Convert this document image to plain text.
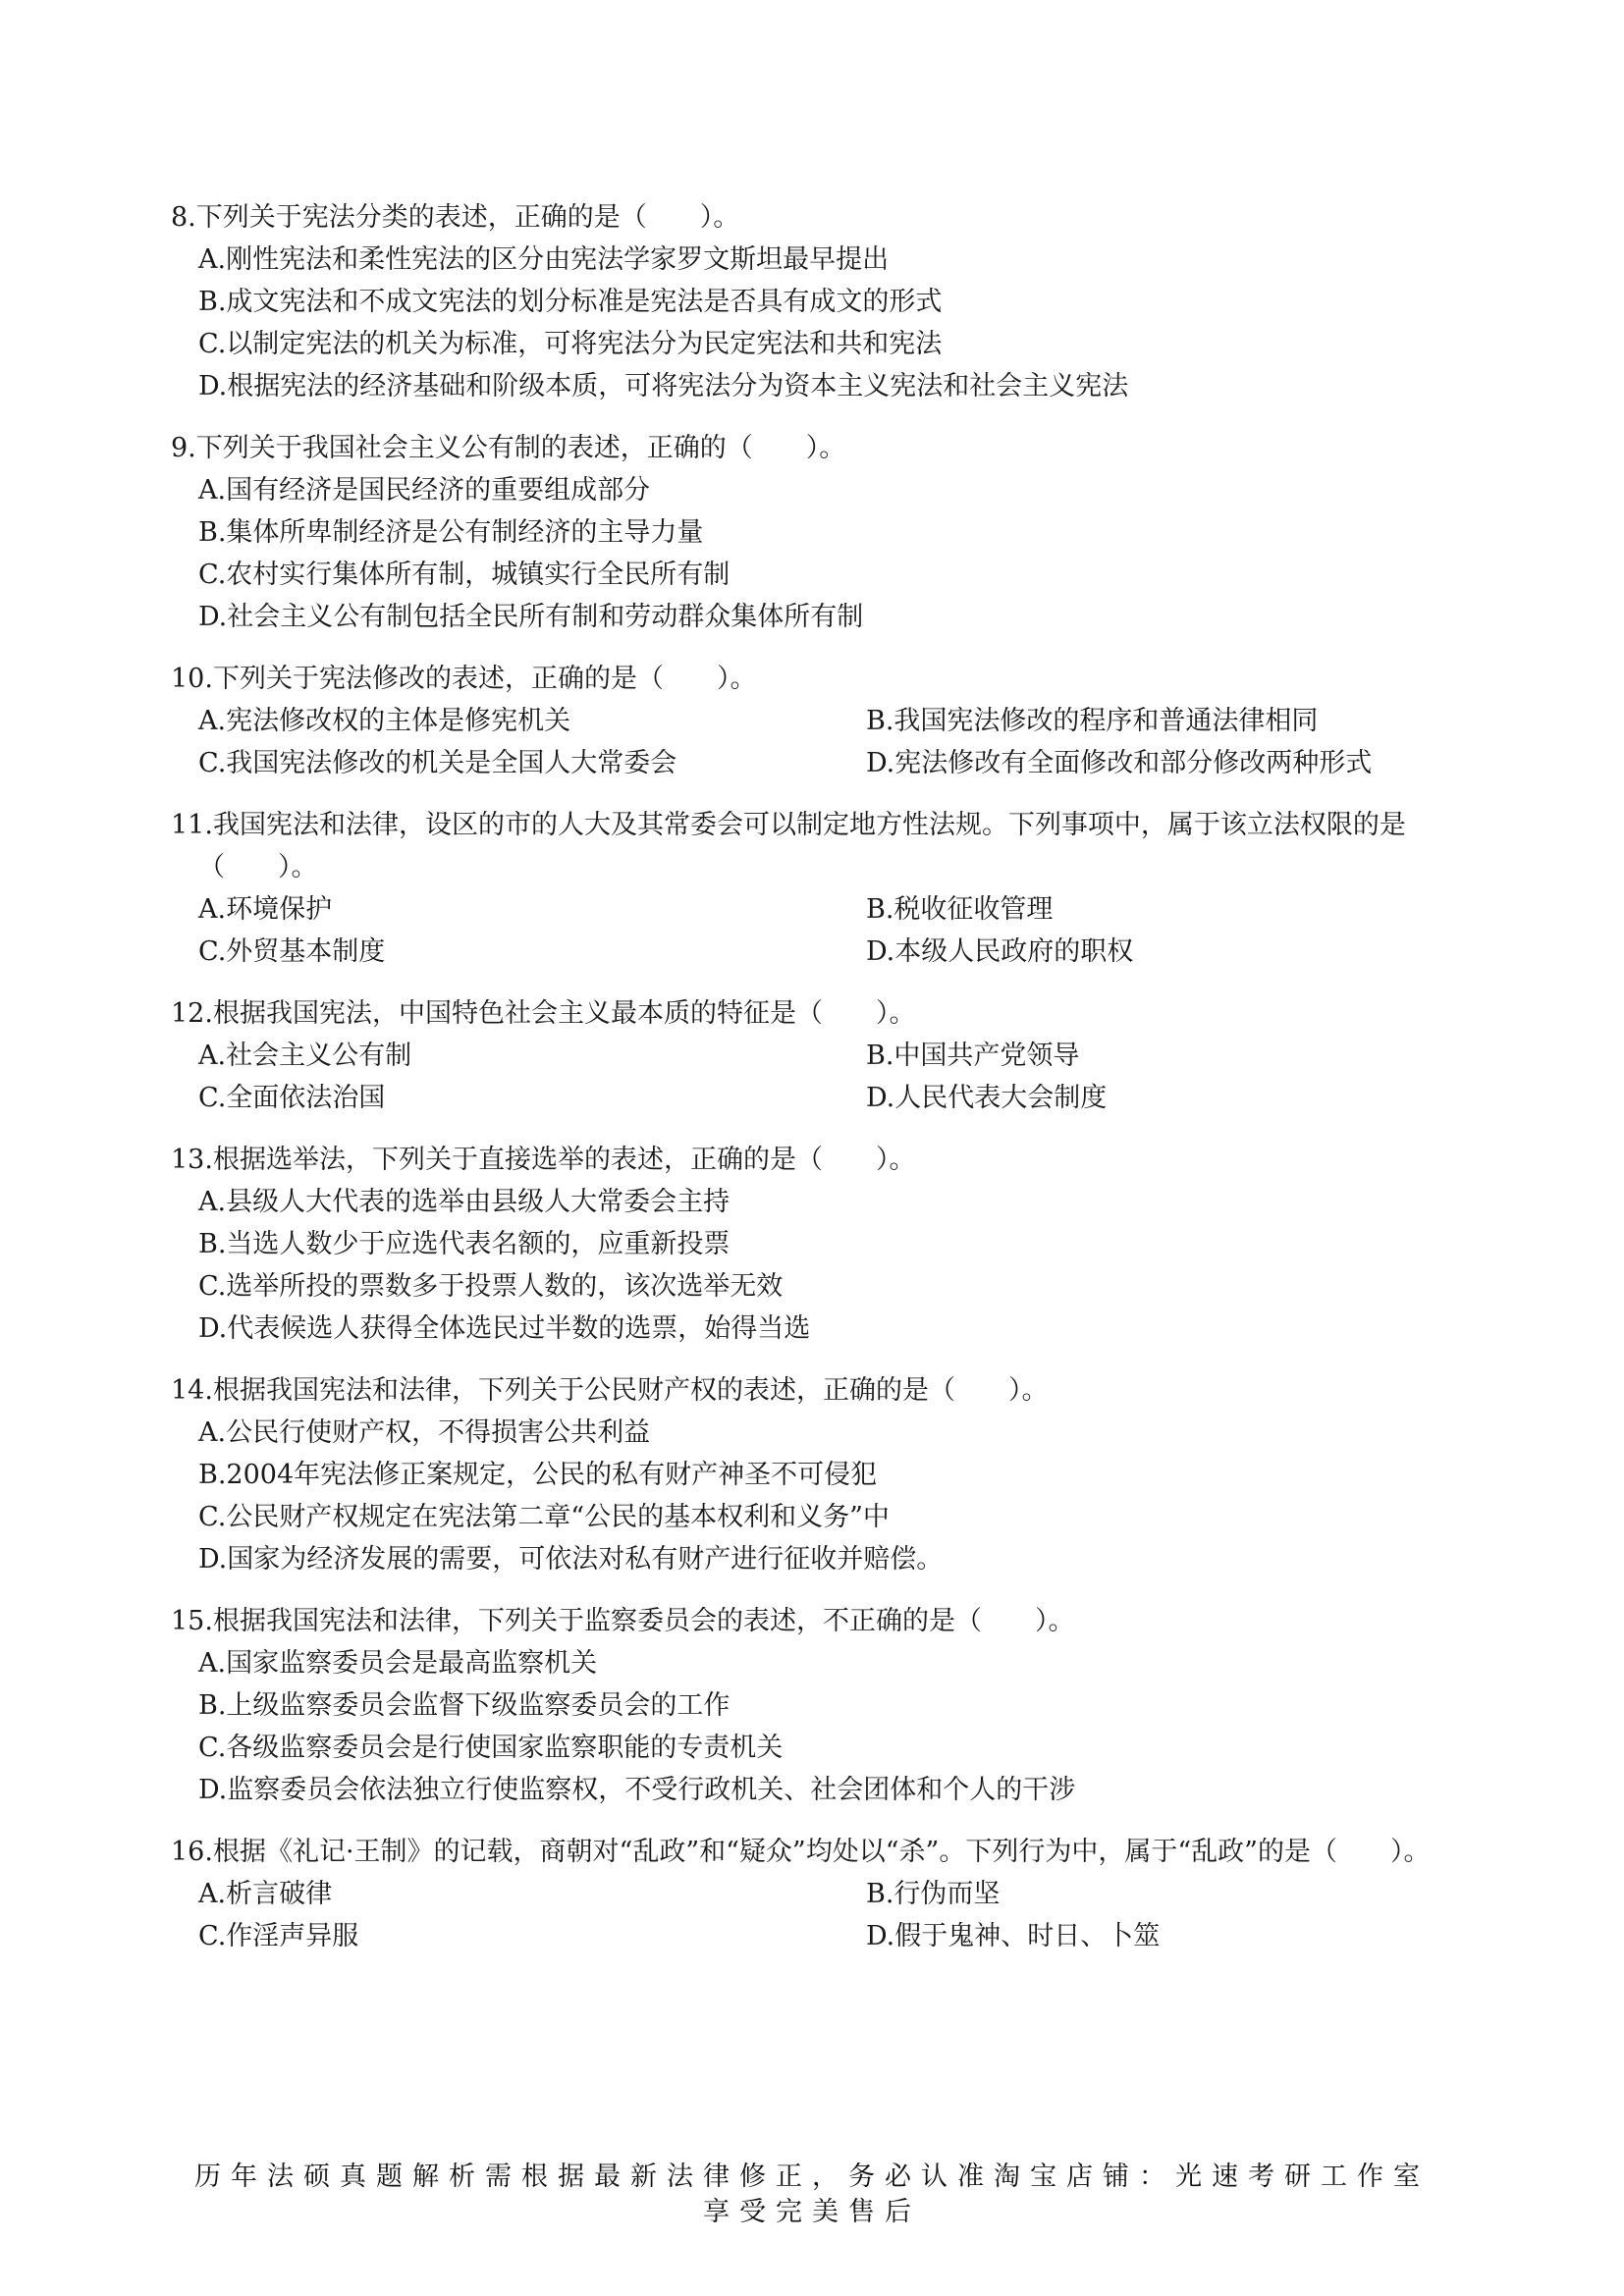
8.下列关于宪法分类的表述，正确的是（　　）。
A.刚性宪法和柔性宪法的区分由宪法学家罗文斯坦最早提出
B.成文宪法和不成文宪法的划分标准是宪法是否具有成文的形式
C.以制定宪法的机关为标准，可将宪法分为民定宪法和共和宪法
D.根据宪法的经济基础和阶级本质，可将宪法分为资本主义宪法和社会主义宪法
9.下列关于我国社会主义公有制的表述，正确的（　　）。
A.国有经济是国民经济的重要组成部分
B.集体所卑制经济是公有制经济的主导力量
C.农村实行集体所有制，城镇实行全民所有制
D.社会主义公有制包括全民所有制和劳动群众集体所有制
10.下列关于宪法修改的表述，正确的是（　　）。
A.宪法修改权的主体是修宪机关	B.我国宪法修改的程序和普通法律相同
C.我国宪法修改的机关是全国人大常委会	D.宪法修改有全面修改和部分修改两种形式
11.我国宪法和法律，设区的市的人大及其常委会可以制定地方性法规。下列事项中，属于该立法权限的是（　　）。
A.环境保护	B.税收征收管理
C.外贸基本制度	D.本级人民政府的职权
12.根据我国宪法，中国特色社会主义最本质的特征是（　　）。
A.社会主义公有制	B.中国共产党领导
C.全面依法治国	D.人民代表大会制度
13.根据选举法，下列关于直接选举的表述，正确的是（　　）。
A.县级人大代表的选举由县级人大常委会主持
B.当选人数少于应选代表名额的，应重新投票
C.选举所投的票数多于投票人数的，该次选举无效
D.代表候选人获得全体选民过半数的选票，始得当选
14.根据我国宪法和法律，下列关于公民财产权的表述，正确的是（　　）。
A.公民行使财产权，不得损害公共利益
B.2004年宪法修正案规定，公民的私有财产神圣不可侵犯
C.公民财产权规定在宪法第二章“公民的基本权利和义务”中
D.国家为经济发展的需要，可依法对私有财产进行征收并赔偿。
15.根据我国宪法和法律，下列关于监察委员会的表述，不正确的是（　　）。
A.国家监察委员会是最高监察机关
B.上级监察委员会监督下级监察委员会的工作
C.各级监察委员会是行使国家监察职能的专责机关
D.监察委员会依法独立行使监察权，不受行政机关、社会团体和个人的干涉
16.根据《礼记·王制》的记载，商朝对“乱政”和“疑众”均处以“杀”。下列行为中，属于“乱政”的是（　　）。
A.析言破律	B.行伪而坚
C.作淫声异服	D.假于鬼神、时日、卜筮
历年法硕真题解析需根据最新法律修正，务必认准淘宝店铺：光速考研工作室
享受完美售后
